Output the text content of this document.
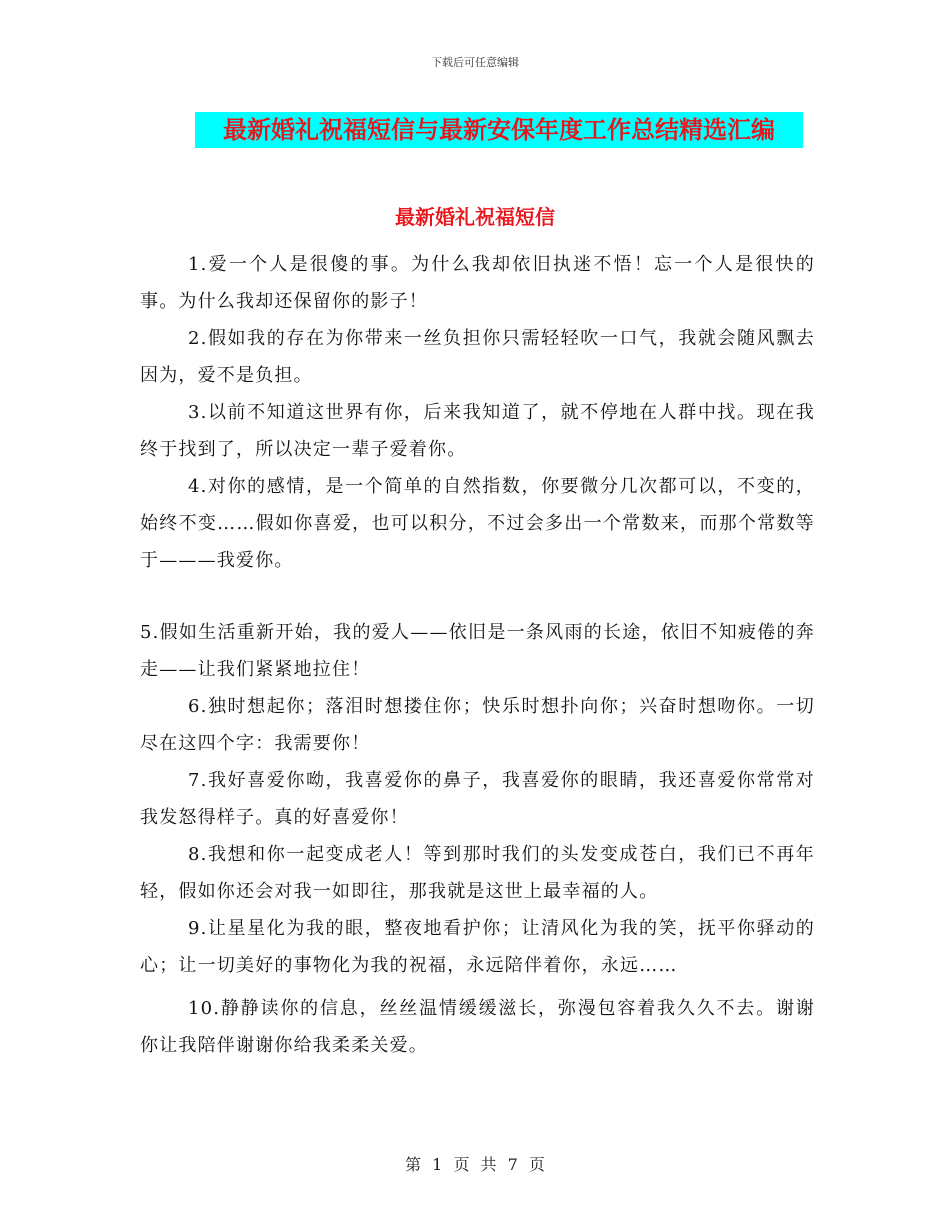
下载后可任意编辑
最新婚礼祝福短信与最新安保年度工作总结精选汇编
最新婚礼祝福短信

1.爱一个人是很傻的事。为什么我却依旧执迷不悟！忘一个人是很快的事。为什么我却还保留你的影子！

2.假如我的存在为你带来一丝负担你只需轻轻吹一口气，我就会随风飘去因为，爱不是负担。

3.以前不知道这世界有你，后来我知道了，就不停地在人群中找。现在我终于找到了，所以决定一辈子爱着你。

4.对你的感情，是一个简单的自然指数，你要微分几次都可以，不变的，始终不变……假如你喜爱，也可以积分，不过会多出一个常数来，而那个常数等于———我爱你。

5.假如生活重新开始，我的爱人——依旧是一条风雨的长途，依旧不知疲倦的奔走——让我们紧紧地拉住！

6.独时想起你；落泪时想搂住你；快乐时想扑向你；兴奋时想吻你。一切尽在这四个字：我需要你！

7.我好喜爱你呦，我喜爱你的鼻子，我喜爱你的眼睛，我还喜爱你常常对我发怒得样子。真的好喜爱你！

8.我想和你一起变成老人！等到那时我们的头发变成苍白，我们已不再年轻，假如你还会对我一如即往，那我就是这世上最幸福的人。

9.让星星化为我的眼，整夜地看护你；让清风化为我的笑，抚平你驿动的心；让一切美好的事物化为我的祝福，永远陪伴着你，永远……

10.静静读你的信息，丝丝温情缓缓滋长，弥漫包容着我久久不去。谢谢你让我陪伴谢谢你给我柔柔关爱。

第 1 页 共 7 页
